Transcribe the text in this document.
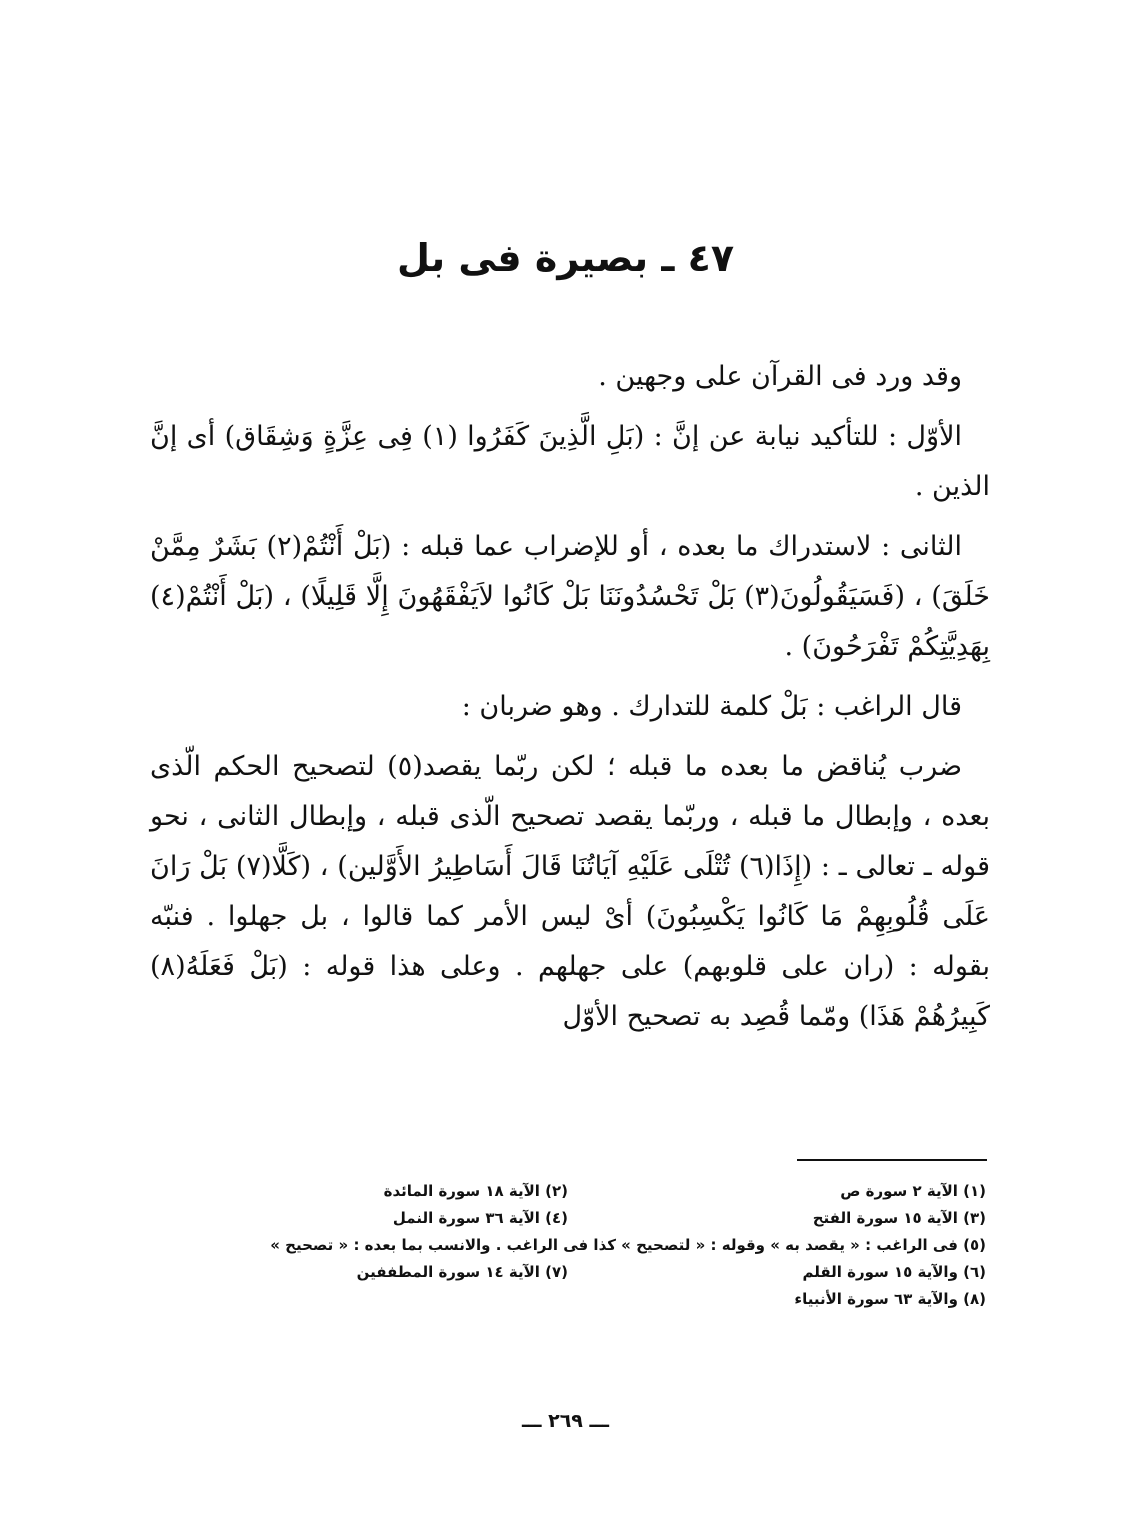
٤٧ ـ بصيرة فى بل

وقد ورد فى القرآن على وجهين .

الأوّل : للتأكيد نيابة عن إنَّ : (بَلِ الَّذِينَ كَفَرُوا (١) فِى عِزَّةٍ وَشِقَاق) أى إنَّ الذين .

الثانى : لاستدراك ما بعده ، أو للإضراب عما قبله : (بَلْ أَنْتُمْ(٢) بَشَرٌ مِمَّنْ خَلَقَ) ، (فَسَيَقُولُونَ(٣) بَلْ تَحْسُدُونَنَا بَلْ كَانُوا لاَيَفْقَهُونَ إِلَّا قَلِيلًا) ، (بَلْ أَنْتُمْ(٤) بِهَدِيَّتِكُمْ تَفْرَحُونَ) .

قال الراغب : بَلْ كلمة للتدارك . وهو ضربان :

ضرب يُناقض ما بعده ما قبله ؛ لكن ربّما يقصد(٥) لتصحيح الحكم الّذى بعده ، وإبطال ما قبله ، وربّما يقصد تصحيح الّذى قبله ، وإبطال الثانى ، نحو قوله ـ تعالى ـ : (إِذَا(٦) تُتْلَى عَلَيْهِ آيَاتُنَا قَالَ أَسَاطِيرُ الأَوَّلين) ، (كَلَّا(٧) بَلْ رَانَ عَلَى قُلُوبِهِمْ مَا كَانُوا يَكْسِبُونَ) أىْ ليس الأمر كما قالوا ، بل جهلوا . فنبّه بقوله : (ران على قلوبهم) على جهلهم . وعلى هذا قوله : (بَلْ فَعَلَهُ(٨) كَبِيرُهُمْ هَذَا) ومّما قُصِد به تصحيح الأوّل

(١) الآية ٢ سورة ص
(٢) الآية ١٨ سورة المائدة
(٣) الآية ١٥ سورة الفتح
(٤) الآية ٣٦ سورة النمل
(٥) فى الراغب : « يقصد به » وقوله : « لتصحيح » كذا فى الراغب . والانسب بما بعده : « تصحيح »
(٦) والآية ١٥ سورة القلم
(٧) الآية ١٤ سورة المطففين
(٨) والآية ٦٣ سورة الأنبياء
ـــ ٢٦٩ ـــ
